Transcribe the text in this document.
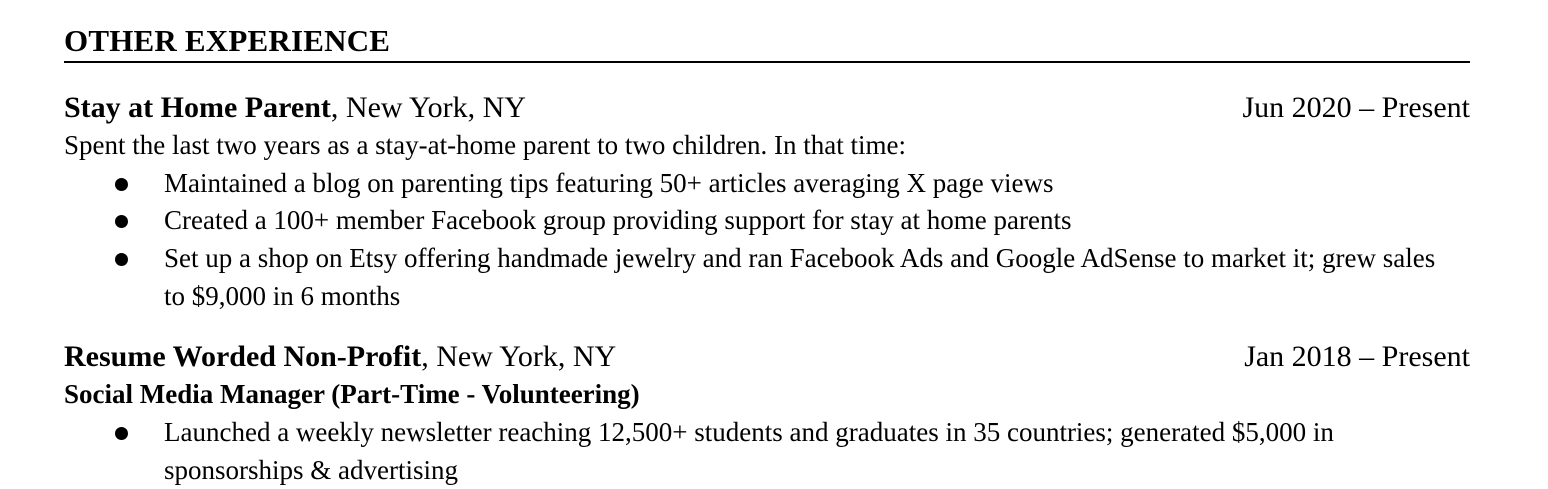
OTHER EXPERIENCE
Stay at Home Parent, New York, NY	Jun 2020 – Present
Spent the last two years as a stay-at-home parent to two children. In that time:
Maintained a blog on parenting tips featuring 50+ articles averaging X page views
Created a 100+ member Facebook group providing support for stay at home parents
Set up a shop on Etsy offering handmade jewelry and ran Facebook Ads and Google AdSense to market it; grew sales to $9,000 in 6 months
Resume Worded Non-Profit, New York, NY	Jan 2018 – Present
Social Media Manager (Part-Time - Volunteering)
Launched a weekly newsletter reaching 12,500+ students and graduates in 35 countries; generated $5,000 in sponsorships & advertising
